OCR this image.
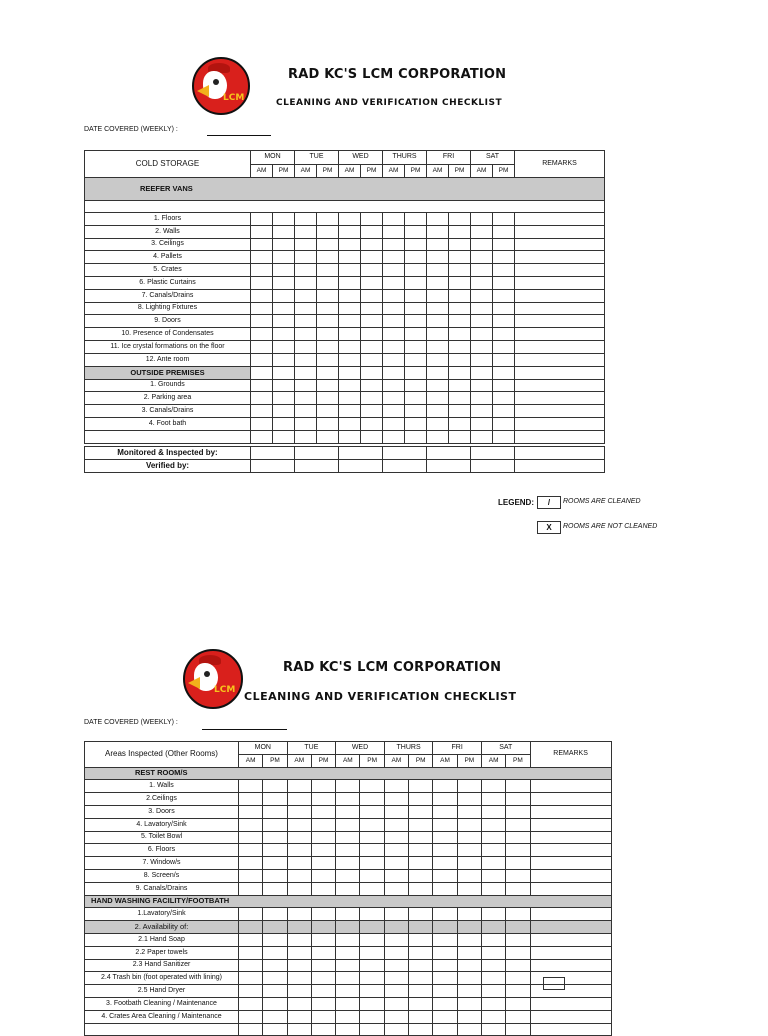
LCM
RAD KC'S LCM CORPORATION
CLEANING AND VERIFICATION CHECKLIST
DATE COVERED (WEEKLY) :
COLD STORAGE	MON		TUE		WED		THURS		FRI		SAT		REMARKS
	AM	PM	AM	PM	AM	PM	AM	PM	AM	PM	AM	PM	
REEFER VANS													

1. Floors													
2. Walls													
3. Ceilings													
4. Pallets													
5. Crates													
6. Plastic Curtains													
7. Canals/Drains													
8. Lighting Fixtures													
9. Doors													
10. Presence of Condensates													
11. Ice crystal formations on the floor													
12. Ante room													
OUTSIDE PREMISES													
1. Grounds													
2. Parking area													
3. Canals/Drains													
4. Foot bath													

Monitored & Inspected by:							
Verified by:							
LEGEND:	/	ROOMS ARE CLEANED
X	ROOMS ARE NOT CLEANED
LCM
RAD KC'S LCM CORPORATION
CLEANING AND VERIFICATION CHECKLIST
DATE COVERED (WEEKLY) :
Areas Inspected (Other Rooms)	MON		TUE		WED		THURS		FRI		SAT		REMARKS
	AM	PM	AM	PM	AM	PM	AM	PM	AM	PM	AM	PM	
REST ROOM/S													
1. Walls													
2.Ceilings													
3. Doors													
4. Lavatory/Sink													
5. Toilet Bowl													
6. Floors													
7. Window/s													
8. Screen/s													
9. Canals/Drains													
HAND WASHING FACILITY/FOOTBATH													
1.Lavatory/Sink													
2. Availability of:													
2.1 Hand Soap													
2.2 Paper towels													
2.3 Hand Sanitizer													
2.4 Trash bin (foot operated with lining)													
2.5 Hand Dryer													
3. Footbath Cleaning / Maintenance													
4. Crates Area Cleaning / Maintenance													
